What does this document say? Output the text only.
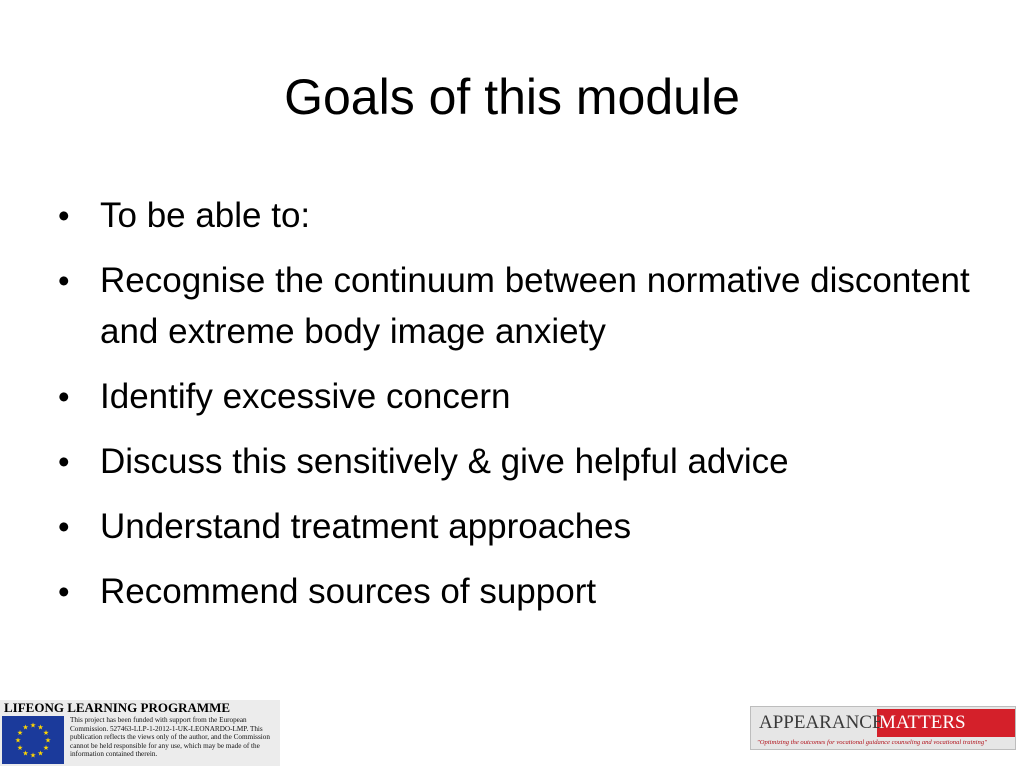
Goals of this module
• To be able to:
• Recognise the continuum between normative discontent and extreme body image anxiety
• Identify excessive concern
• Discuss this sensitively & give helpful advice
• Understand treatment approaches
• Recommend sources of support
LIFEONG LEARNING PROGRAMME
★ ★
★
★
★
★
★
★
★
★
★
★
This project has been funded with support from the European Commission. 527463-LLP-1-2012-1-UK-LEONARDO-LMP. This publication reflects the views only of the author, and the Commission cannot be held responsible for any use, which may be made of the information contained therein.
APPEARANCE
MATTERS
"Optimizing the outcomes for vocational guidance counseling and vocational training"
